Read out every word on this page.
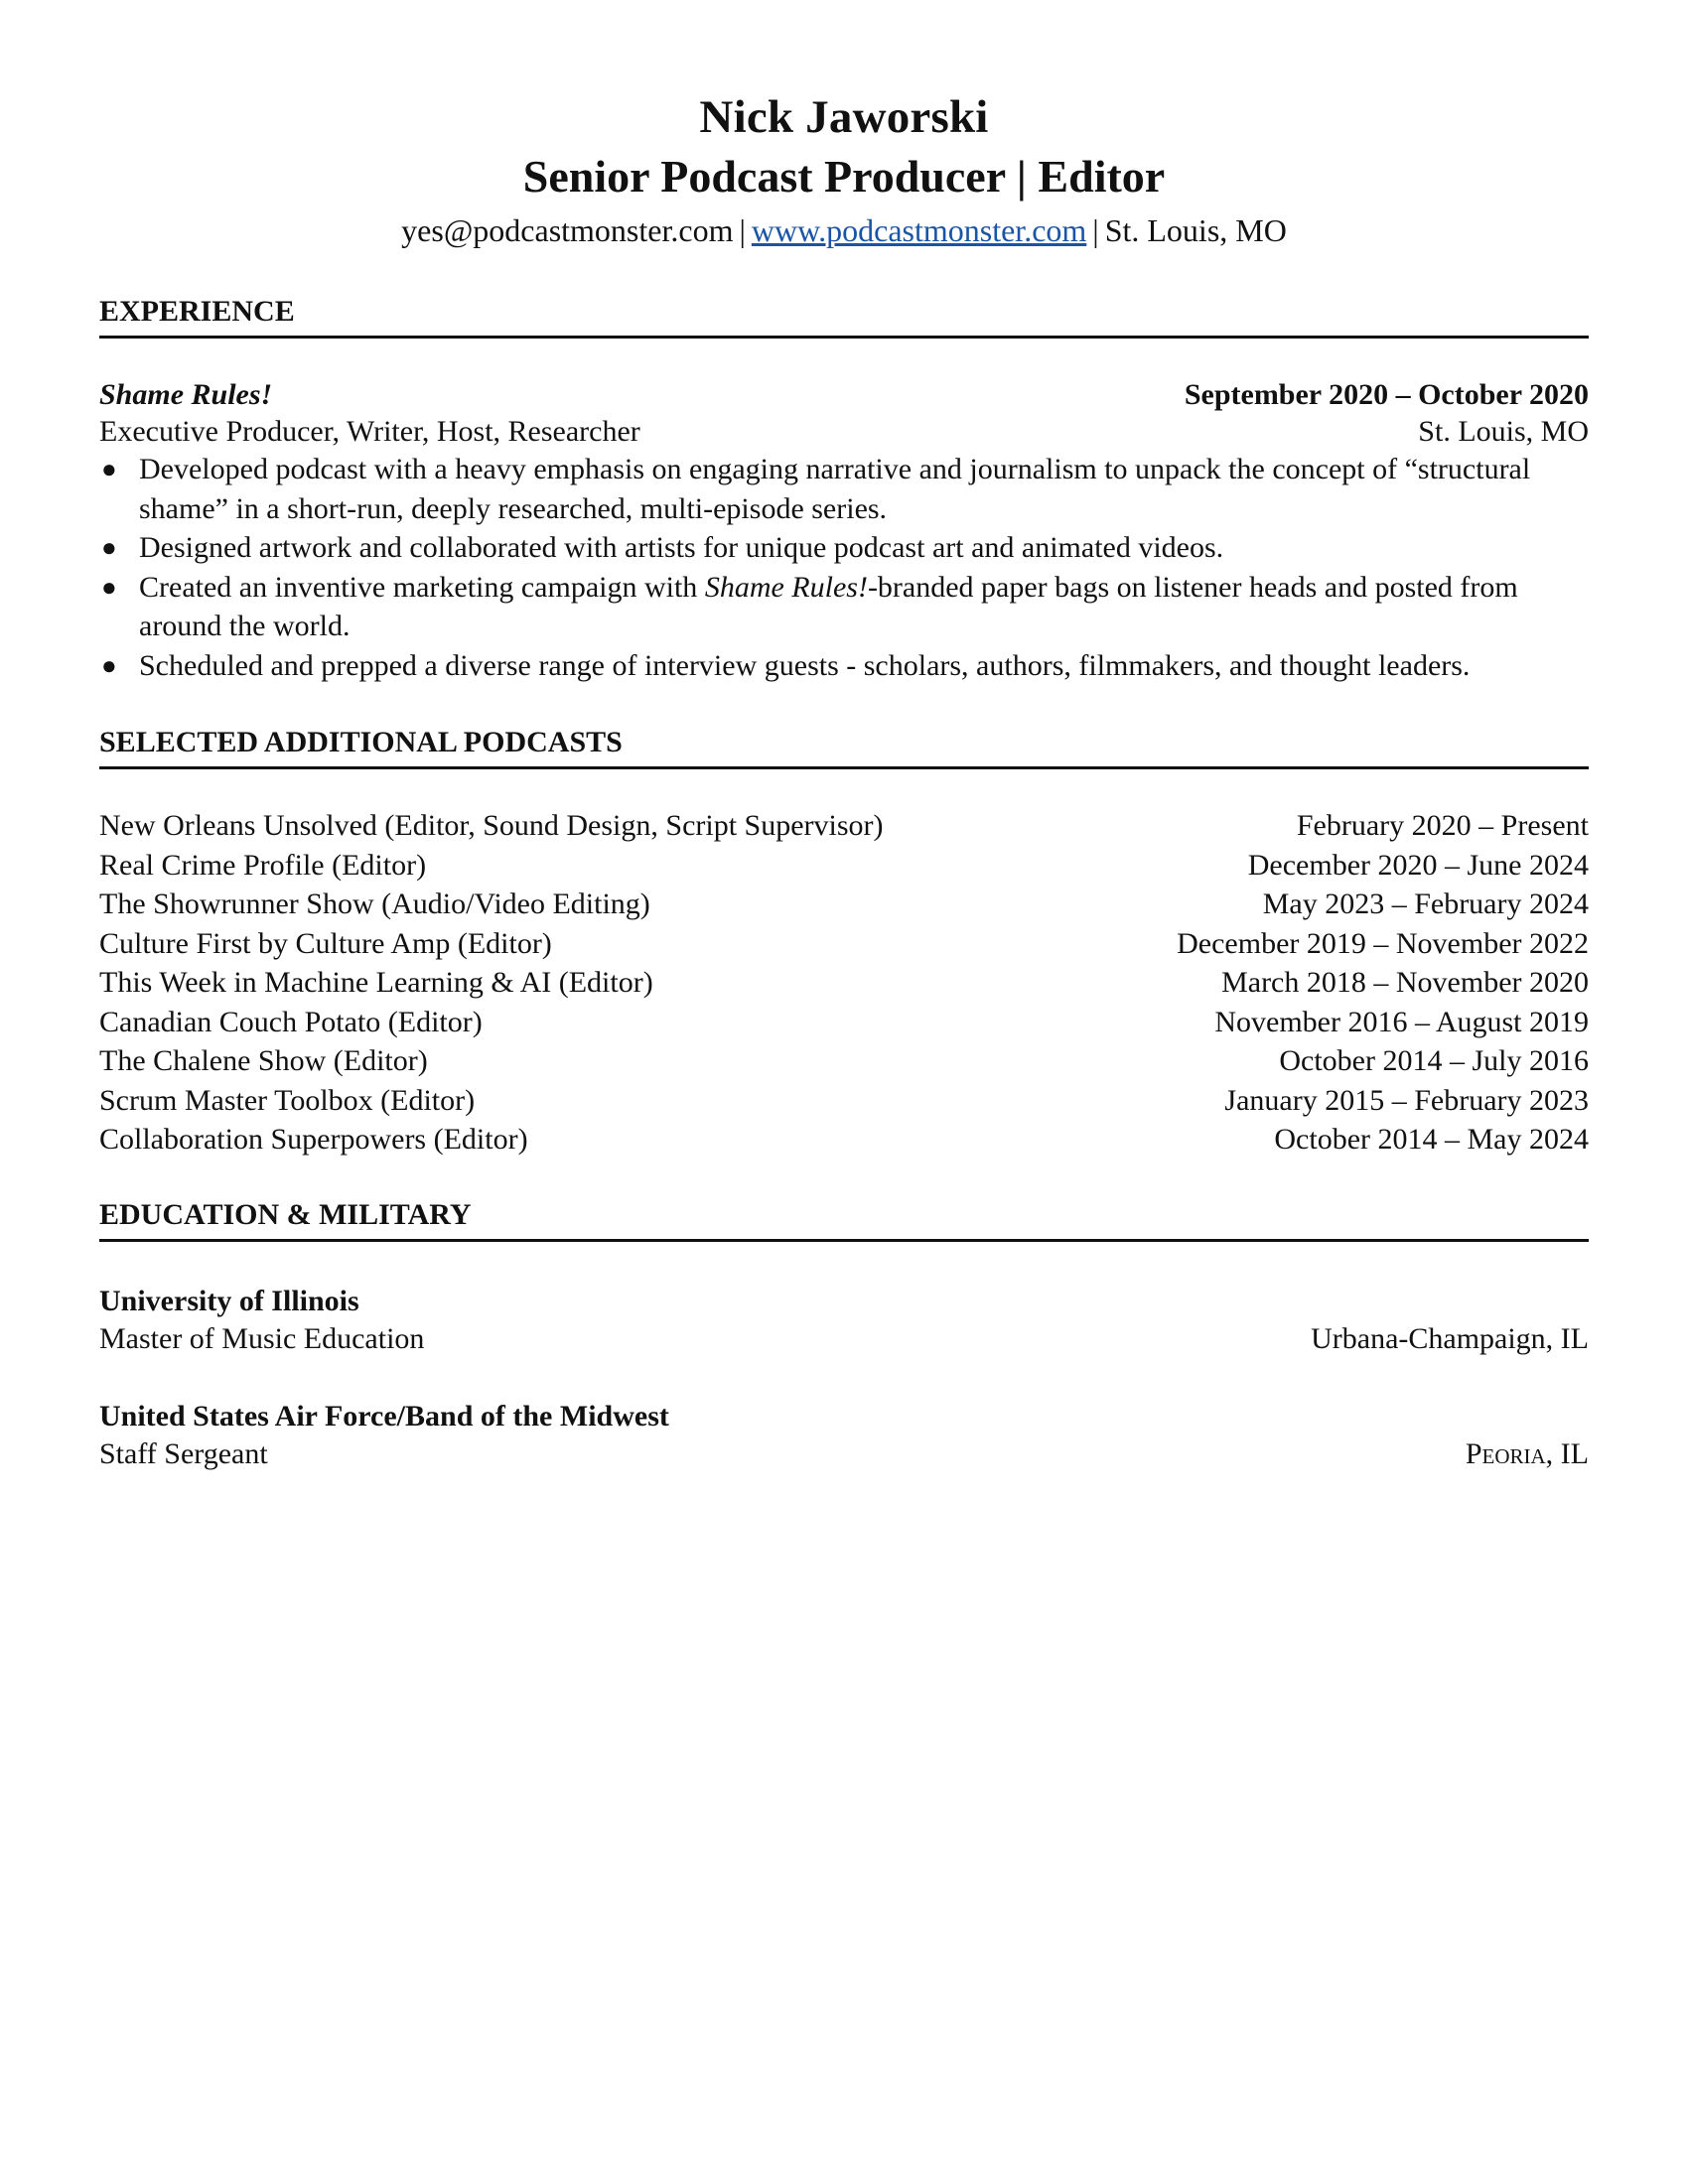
Nick Jaworski
Senior Podcast Producer | Editor
yes@podcastmonster.com | www.podcastmonster.com | St. Louis, MO
EXPERIENCE
Shame Rules!	September 2020 – October 2020
Executive Producer, Writer, Host, Researcher	St. Louis, MO
● Developed podcast with a heavy emphasis on engaging narrative and journalism to unpack the concept of “structural shame” in a short-run, deeply researched, multi-episode series.
● Designed artwork and collaborated with artists for unique podcast art and animated videos.
● Created an inventive marketing campaign with Shame Rules!-branded paper bags on listener heads and posted from around the world.
● Scheduled and prepped a diverse range of interview guests - scholars, authors, filmmakers, and thought leaders.
SELECTED ADDITIONAL PODCASTS
New Orleans Unsolved (Editor, Sound Design, Script Supervisor)	February 2020 – Present
Real Crime Profile (Editor)	December 2020 – June 2024
The Showrunner Show (Audio/Video Editing)	May 2023 – February 2024
Culture First by Culture Amp (Editor)	December 2019 – November 2022
This Week in Machine Learning & AI (Editor)	March 2018 – November 2020
Canadian Couch Potato (Editor)	November 2016 – August 2019
The Chalene Show (Editor)	October 2014 – July 2016
Scrum Master Toolbox (Editor)	January 2015 – February 2023
Collaboration Superpowers (Editor)	October 2014 – May 2024
EDUCATION & MILITARY
University of Illinois
Master of Music Education	Urbana-Champaign, IL
United States Air Force/Band of the Midwest
Staff Sergeant	Peoria, IL
